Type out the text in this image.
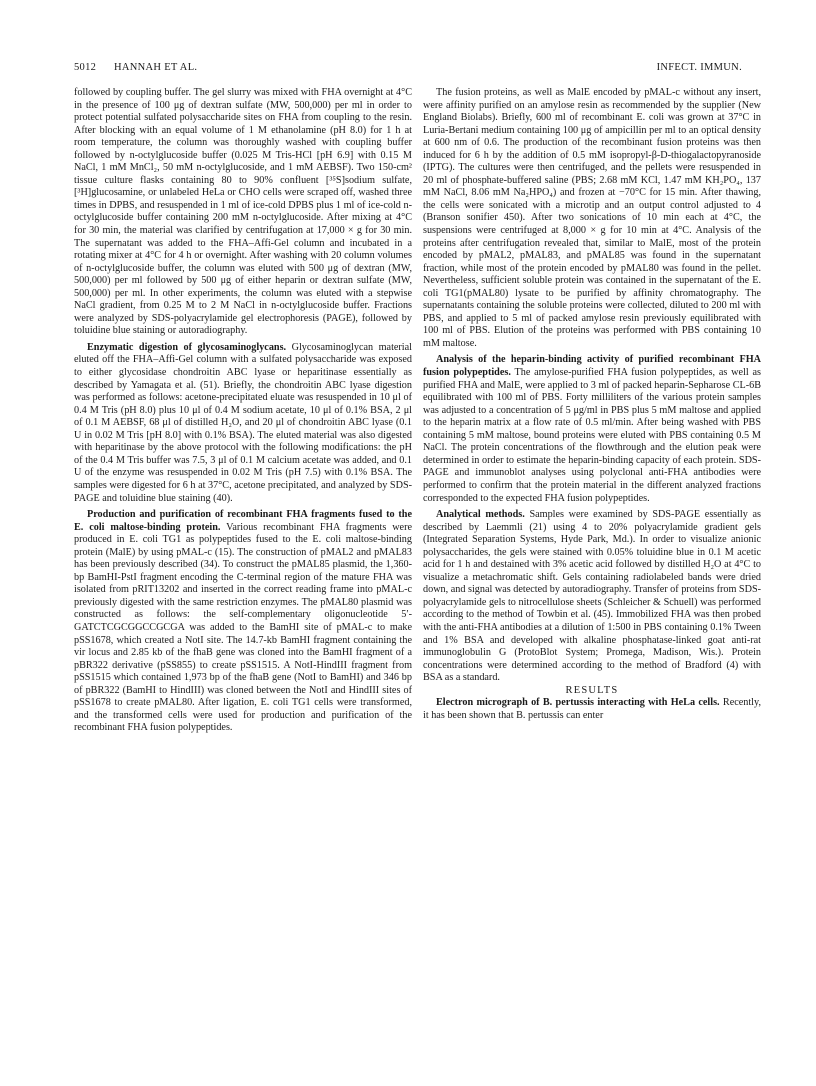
5012 HANNAH ET AL.	INFECT. IMMUN.

followed by coupling buffer. The gel slurry was mixed with FHA overnight at 4°C in the presence of 100 μg of dextran sulfate (MW, 500,000) per ml in order to protect potential sulfated polysaccharide sites on FHA from coupling to the resin. After blocking with an equal volume of 1 M ethanolamine (pH 8.0) for 1 h at room temperature, the column was thoroughly washed with coupling buffer followed by n-octylglucoside buffer (0.025 M Tris-HCl [pH 6.9] with 0.15 M NaCl, 1 mM MnCl₂, 50 mM n-octylglucoside, and 1 mM AEBSF). Two 150-cm² tissue culture flasks containing 80 to 90% confluent [³⁵S]sodium sulfate, [³H]glucosamine, or unlabeled HeLa or CHO cells were scraped off, washed three times in DPBS, and resuspended in 1 ml of ice-cold DPBS plus 1 ml of ice-cold n-octylglucoside buffer containing 200 mM n-octylglucoside. After mixing at 4°C for 30 min, the material was clarified by centrifugation at 17,000 × g for 30 min. The supernatant was added to the FHA–Affi-Gel column and incubated in a rotating mixer at 4°C for 4 h or overnight. After washing with 20 column volumes of n-octylglucoside buffer, the column was eluted with 500 μg of dextran (MW, 500,000) per ml followed by 500 μg of either heparin or dextran sulfate (MW, 500,000) per ml. In other experiments, the column was eluted with a stepwise NaCl gradient, from 0.25 M to 2 M NaCl in n-octylglucoside buffer. Fractions were analyzed by SDS-polyacrylamide gel electrophoresis (PAGE), followed by toluidine blue staining or autoradiography.

Enzymatic digestion of glycosaminoglycans. Glycosaminoglycan material eluted off the FHA–Affi-Gel column with a sulfated polysaccharide was exposed to either glycosidase chondroitin ABC lyase or heparitinase essentially as described by Yamagata et al. (51). Briefly, the chondroitin ABC lyase digestion was performed as follows: acetone-precipitated eluate was resuspended in 10 μl of 0.4 M Tris (pH 8.0) plus 10 μl of 0.4 M sodium acetate, 10 μl of 0.1% BSA, 2 μl of 0.1 M AEBSF, 68 μl of distilled H₂O, and 20 μl of chondroitin ABC lyase (0.1 U in 0.02 M Tris [pH 8.0] with 0.1% BSA). The eluted material was also digested with heparitinase by the above protocol with the following modifications: the pH of the 0.4 M Tris buffer was 7.5, 3 μl of 0.1 M calcium acetate was added, and 0.1 U of the enzyme was resuspended in 0.02 M Tris (pH 7.5) with 0.1% BSA. The samples were digested for 6 h at 37°C, acetone precipitated, and analyzed by SDS-PAGE and toluidine blue staining (40).

Production and purification of recombinant FHA fragments fused to the E. coli maltose-binding protein. Various recombinant FHA fragments were produced in E. coli TG1 as polypeptides fused to the E. coli maltose-binding protein (MalE) by using pMAL-c (15). The construction of pMAL2 and pMAL83 has been previously described (34). To construct the pMAL85 plasmid, the 1,360-bp BamHI-PstI fragment encoding the C-terminal region of the mature FHA was isolated from pRIT13202 and inserted in the correct reading frame into pMAL-c previously digested with the same restriction enzymes. The pMAL80 plasmid was constructed as follows: the self-complementary oligonucleotide 5′-GATCTCGCGGCCGCGA was added to the BamHI site of pMAL-c to make pSS1678, which created a NotI site. The 14.7-kb BamHI fragment containing the vir locus and 2.85 kb of the fhaB gene was cloned into the BamHI fragment of a pBR322 derivative (pSS855) to create pSS1515. A NotI-HindIII fragment from pSS1515 which contained 1,973 bp of the fhaB gene (NotI to BamHI) and 346 bp of pBR322 (BamHI to HindIII) was cloned between the NotI and HindIII sites of pSS1678 to create pMAL80. After ligation, E. coli TG1 cells were transformed, and the transformed cells were used for production and purification of the recombinant FHA fusion polypeptides.

The fusion proteins, as well as MalE encoded by pMAL-c without any insert, were affinity purified on an amylose resin as recommended by the supplier (New England Biolabs). Briefly, 600 ml of recombinant E. coli was grown at 37°C in Luria-Bertani medium containing 100 μg of ampicillin per ml to an optical density at 600 nm of 0.6. The production of the recombinant fusion proteins was then induced for 6 h by the addition of 0.5 mM isopropyl-β-D-thiogalactopyranoside (IPTG). The cultures were then centrifuged, and the pellets were resuspended in 20 ml of phosphate-buffered saline (PBS; 2.68 mM KCl, 1.47 mM KH₂PO₄, 137 mM NaCl, 8.06 mM Na₂HPO₄) and frozen at −70°C for 15 min. After thawing, the cells were sonicated with a microtip and an output control adjusted to 4 (Branson sonifier 450). After two sonications of 10 min each at 4°C, the suspensions were centrifuged at 8,000 × g for 10 min at 4°C. Analysis of the proteins after centrifugation revealed that, similar to MalE, most of the protein encoded by pMAL2, pMAL83, and pMAL85 was found in the supernatant fraction, while most of the protein encoded by pMAL80 was found in the pellet. Nevertheless, sufficient soluble protein was contained in the supernatant of the E. coli TG1(pMAL80) lysate to be purified by affinity chromatography. The supernatants containing the soluble proteins were collected, diluted to 200 ml with PBS, and applied to 5 ml of packed amylose resin previously equilibrated with 100 ml of PBS. Elution of the proteins was performed with PBS containing 10 mM maltose.

Analysis of the heparin-binding activity of purified recombinant FHA fusion polypeptides. The amylose-purified FHA fusion polypeptides, as well as purified FHA and MalE, were applied to 3 ml of packed heparin-Sepharose CL-6B equilibrated with 100 ml of PBS. Forty milliliters of the various protein samples was adjusted to a concentration of 5 μg/ml in PBS plus 5 mM maltose and applied to the heparin matrix at a flow rate of 0.5 ml/min. After being washed with PBS containing 5 mM maltose, bound proteins were eluted with PBS containing 0.5 M NaCl. The protein concentrations of the flowthrough and the elution peak were determined in order to estimate the heparin-binding capacity of each protein. SDS-PAGE and immunoblot analyses using polyclonal anti-FHA antibodies were performed to confirm that the protein material in the different analyzed fractions corresponded to the expected FHA fusion polypeptides.

Analytical methods. Samples were examined by SDS-PAGE essentially as described by Laemmli (21) using 4 to 20% polyacrylamide gradient gels (Integrated Separation Systems, Hyde Park, Md.). In order to visualize anionic polysaccharides, the gels were stained with 0.05% toluidine blue in 0.1 M acetic acid for 1 h and destained with 3% acetic acid followed by distilled H₂O at 4°C to visualize a metachromatic shift. Gels containing radiolabeled bands were dried down, and signal was detected by autoradiography. Transfer of proteins from SDS-polyacrylamide gels to nitrocellulose sheets (Schleicher & Schuell) was performed according to the method of Towbin et al. (45). Immobilized FHA was then probed with the anti-FHA antibodies at a dilution of 1:500 in PBS containing 0.1% Tween and 1% BSA and developed with alkaline phosphatase-linked goat anti-rat immunoglobulin G (ProtoBlot System; Promega, Madison, Wis.). Protein concentrations were determined according to the method of Bradford (4) with BSA as a standard.

RESULTS

Electron micrograph of B. pertussis interacting with HeLa cells. Recently, it has been shown that B. pertussis can enter
